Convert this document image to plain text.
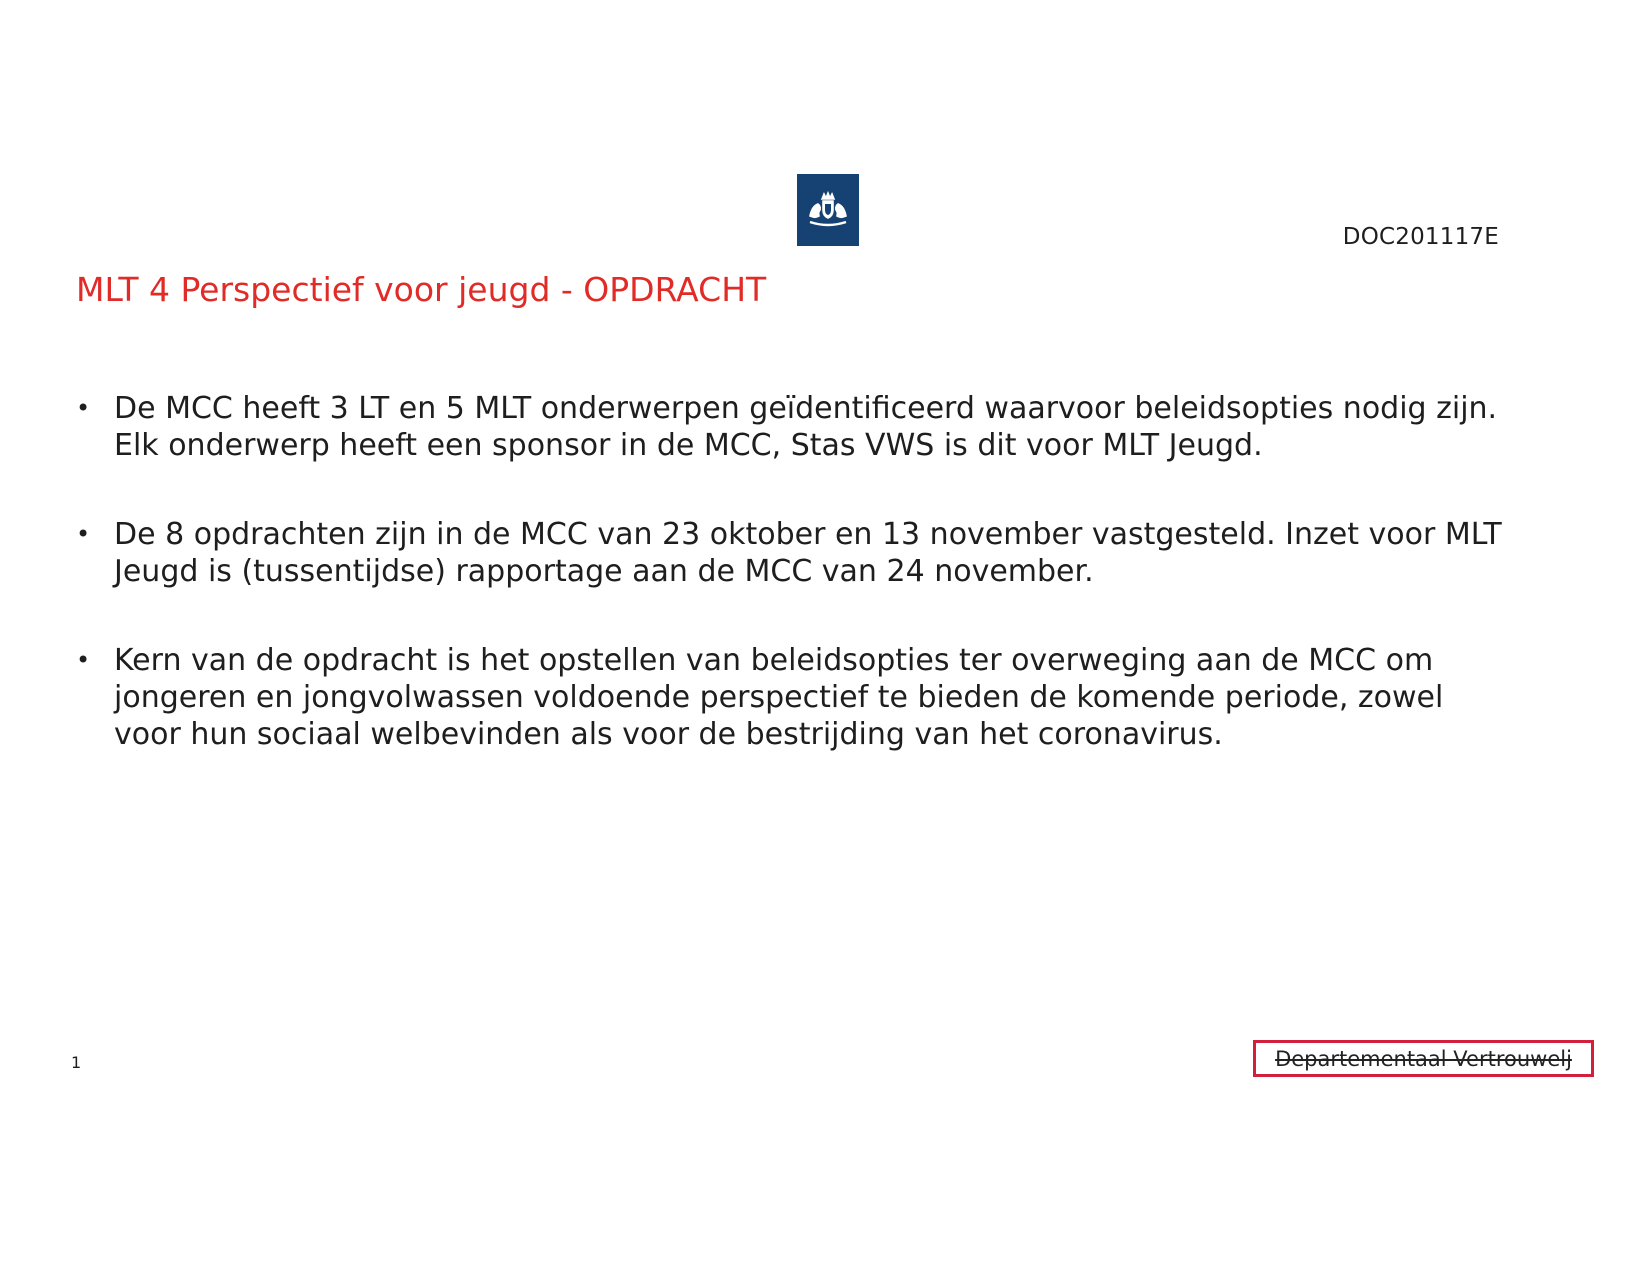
DOC201117E
MLT 4 Perspectief voor jeugd - OPDRACHT
• De MCC heeft 3 LT en 5 MLT onderwerpen geïdentificeerd waarvoor beleidsopties nodig zijn. Elk onderwerp heeft een sponsor in de MCC, Stas VWS is dit voor MLT Jeugd.
• De 8 opdrachten zijn in de MCC van 23 oktober en 13 november vastgesteld. Inzet voor MLT Jeugd is (tussentijdse) rapportage aan de MCC van 24 november.
• Kern van de opdracht is het opstellen van beleidsopties ter overweging aan de MCC om jongeren en jongvolwassen voldoende perspectief te bieden de komende periode, zowel voor hun sociaal welbevinden als voor de bestrijding van het coronavirus.
1	Departementaal Vertrouwelj
